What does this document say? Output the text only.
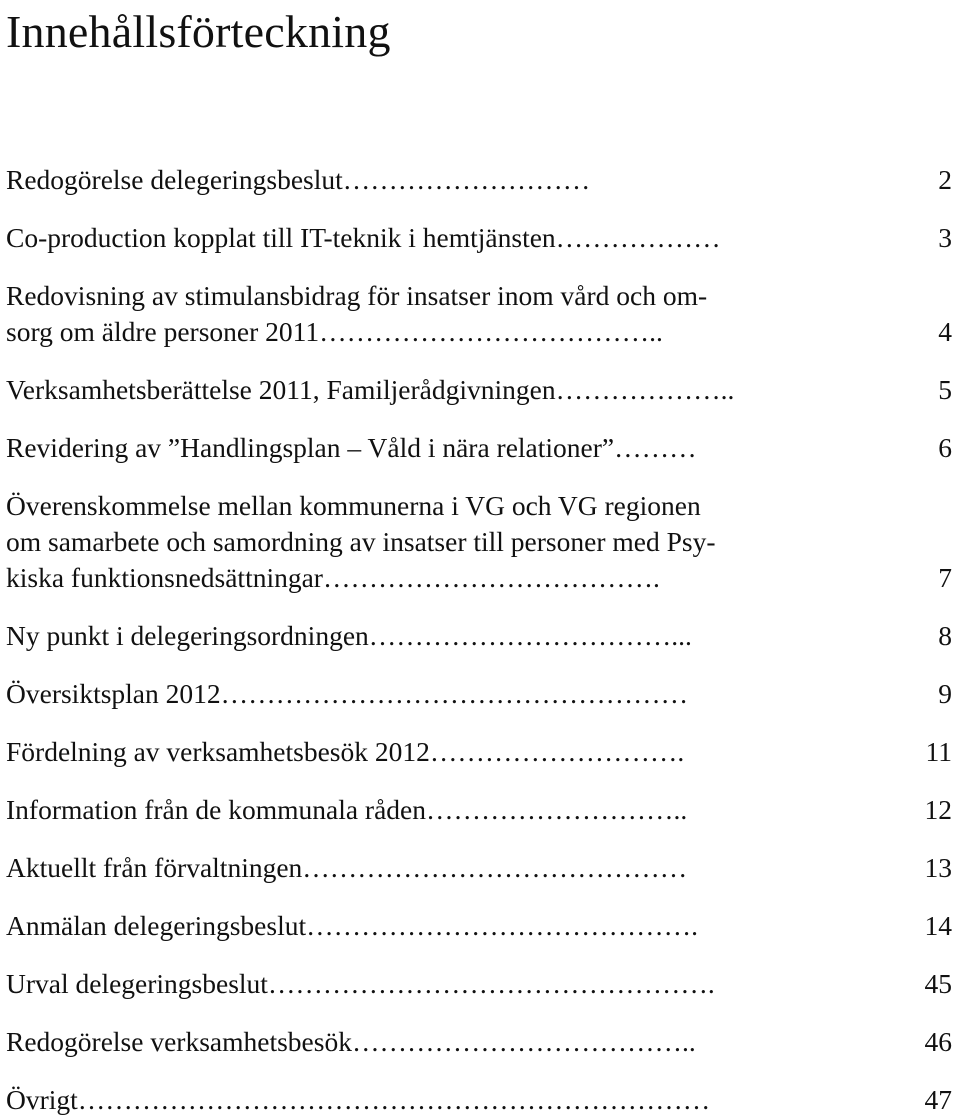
Innehållsförteckning
Redogörelse delegeringsbeslut………………………	2
Co-production kopplat till IT-teknik i hemtjänsten………………	3
Redovisning av stimulansbidrag för insatser inom vård och om-
sorg om äldre personer 2011………………………………..	4
Verksamhetsberättelse 2011, Familjerådgivningen………………..	5
Revidering av ”Handlingsplan – Våld i nära relationer”………	6
Överenskommelse mellan kommunerna i VG och VG regionen
om samarbete och samordning av insatser till personer med Psy-
kiska funktionsnedsättningar……………………………….	7
Ny punkt i delegeringsordningen……………………………...	8
Översiktsplan 2012……………………………………………	9
Fördelning av verksamhetsbesök 2012……………………….	11
Information från de kommunala råden………………………..	12
Aktuellt från förvaltningen……………………………………	13
Anmälan delegeringsbeslut…………………………………….	14
Urval delegeringsbeslut………………………………………….	45
Redogörelse verksamhetsbesök………………………………..	46
Övrigt……………………………………………………………	47
